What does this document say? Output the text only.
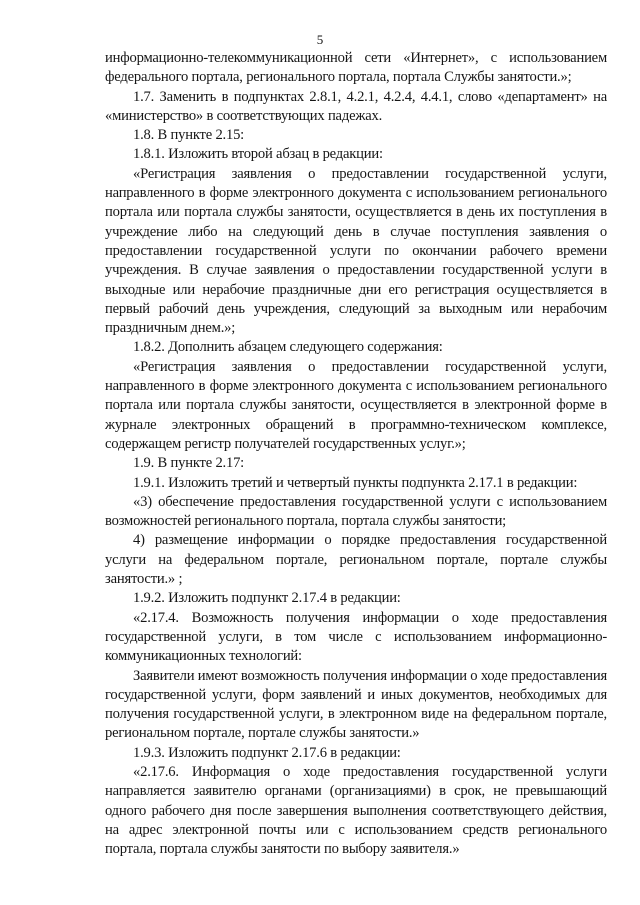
5

информационно-телекоммуникационной сети «Интернет», с использованием федерального портала, регионального портала, портала Службы занятости.»;

1.7. Заменить в подпунктах 2.8.1, 4.2.1, 4.2.4, 4.4.1, слово «департамент» на «министерство» в соответствующих падежах.

1.8. В пункте 2.15:

1.8.1. Изложить второй абзац в редакции:

«Регистрация заявления о предоставлении государственной услуги, направленного в форме электронного документа с использованием регионального портала или портала службы занятости, осуществляется в день их поступления в учреждение либо на следующий день в случае поступления заявления о предоставлении государственной услуги по окончании рабочего времени учреждения. В случае заявления о предоставлении государственной услуги в выходные или нерабочие праздничные дни его регистрация осуществляется в первый рабочий день учреждения, следующий за выходным или нерабочим праздничным днем.»;

1.8.2. Дополнить абзацем следующего содержания:

«Регистрация заявления о предоставлении государственной услуги, направленного в форме электронного документа с использованием регионального портала или портала службы занятости, осуществляется в электронной форме в журнале электронных обращений в программно-техническом комплексе, содержащем регистр получателей государственных услуг.»;

1.9. В пункте 2.17:

1.9.1. Изложить третий и четвертый пункты подпункта 2.17.1 в редакции:

«3) обеспечение предоставления государственной услуги с использованием возможностей регионального портала, портала службы занятости;

4) размещение информации о порядке предоставления государственной услуги на федеральном портале, региональном портале, портале службы занятости.» ;

1.9.2. Изложить подпункт 2.17.4 в редакции:

«2.17.4. Возможность получения информации о ходе предоставления государственной услуги, в том числе с использованием информационно-коммуникационных технологий:

Заявители имеют возможность получения информации о ходе предоставления государственной услуги, форм заявлений и иных документов, необходимых для получения государственной услуги, в электронном виде на федеральном портале, региональном портале, портале службы занятости.»

1.9.3. Изложить подпункт 2.17.6 в редакции:

«2.17.6. Информация о ходе предоставления государственной услуги направляется заявителю органами (организациями) в срок, не превышающий одного рабочего дня после завершения выполнения соответствующего действия, на адрес электронной почты или с использованием средств регионального портала, портала службы занятости по выбору заявителя.»
